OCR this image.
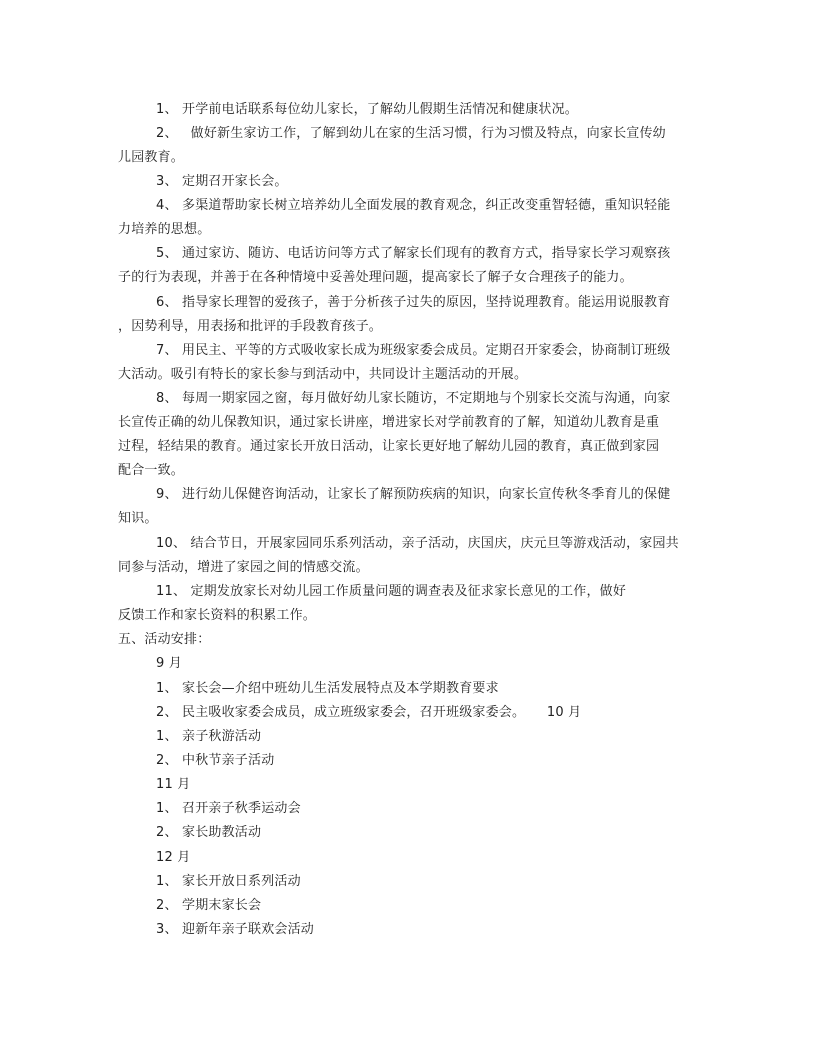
1、 开学前电话联系每位幼儿家长，了解幼儿假期生活情况和健康状况。
2、   做好新生家访工作，了解到幼儿在家的生活习惯，行为习惯及特点，向家长宣传幼
儿园教育。
3、 定期召开家长会。
4、 多渠道帮助家长树立培养幼儿全面发展的教育观念，纠正改变重智轻德，重知识轻能
力培养的思想。
5、 通过家访、随访、电话访问等方式了解家长们现有的教育方式，指导家长学习观察孩
子的行为表现，并善于在各种情境中妥善处理问题，提高家长了解子女合理孩子的能力。
6、 指导家长理智的爱孩子，善于分析孩子过失的原因，坚持说理教育。能运用说服教育
，因势利导，用表扬和批评的手段教育孩子。
7、 用民主、平等的方式吸收家长成为班级家委会成员。定期召开家委会，协商制订班级
大活动。吸引有特长的家长参与到活动中，共同设计主题活动的开展。
8、 每周一期家园之窗，每月做好幼儿家长随访，不定期地与个别家长交流与沟通，向家
长宣传正确的幼儿保教知识，通过家长讲座，增进家长对学前教育的了解，知道幼儿教育是重
过程，轻结果的教育。通过家长开放日活动，让家长更好地了解幼儿园的教育，真正做到家园
配合一致。
9、 进行幼儿保健咨询活动，让家长了解预防疾病的知识，向家长宣传秋冬季育儿的保健
知识。
10、 结合节日，开展家园同乐系列活动，亲子活动，庆国庆，庆元旦等游戏活动，家园共
同参与活动，增进了家园之间的情感交流。
11、 定期发放家长对幼儿园工作质量问题的调查表及征求家长意见的工作，做好
反馈工作和家长资料的积累工作。
五、活动安排：
9 月
1、 家长会—介绍中班幼儿生活发展特点及本学期教育要求
2、 民主吸收家委会成员，成立班级家委会，召开班级家委会。     10 月
1、 亲子秋游活动
2、 中秋节亲子活动
11 月
1、 召开亲子秋季运动会
2、 家长助教活动
12 月
1、 家长开放日系列活动
2、 学期末家长会
3、 迎新年亲子联欢会活动
